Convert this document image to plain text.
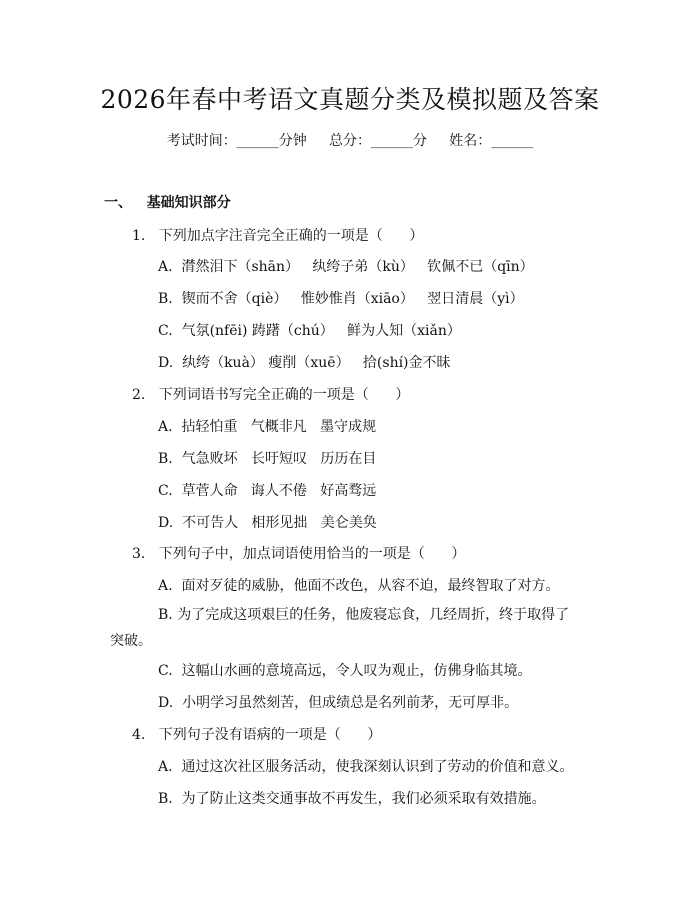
2026年春中考语文真题分类及模拟题及答案
考试时间：______分钟     总分：______分     姓名：______
一、   基础知识部分
1.   下列加点字注音完全正确的一项是（      ）
A.  潸然泪下（shān）   纨绔子弟（kù）   钦佩不已（qīn）
B.  锲而不舍（qiè）   惟妙惟肖（xiāo）   翌日清晨（yì）
C.  气氛(nfēi) 踌躇（chú）   鲜为人知（xiǎn）
D.  纨绔（kuà） 瘦削（xuē）   拾(shí)金不昧
2.   下列词语书写完全正确的一项是（      ）
A.  拈轻怕重   气概非凡   墨守成规
B.  气急败坏   长吁短叹   历历在目
C.  草菅人命   诲人不倦   好高骛远
D.  不可告人   相形见拙   美仑美奂
3.   下列句子中，加点词语使用恰当的一项是（      ）
A.  面对歹徒的威胁，他面不改色，从容不迫，最终智取了对方。
B. 为了完成这项艰巨的任务，他废寝忘食，几经周折，终于取得了突破。
C.  这幅山水画的意境高远，令人叹为观止，仿佛身临其境。
D.  小明学习虽然刻苦，但成绩总是名列前茅，无可厚非。
4.   下列句子没有语病的一项是（      ）
A.  通过这次社区服务活动，使我深刻认识到了劳动的价值和意义。
B.  为了防止这类交通事故不再发生，我们必须采取有效措施。
